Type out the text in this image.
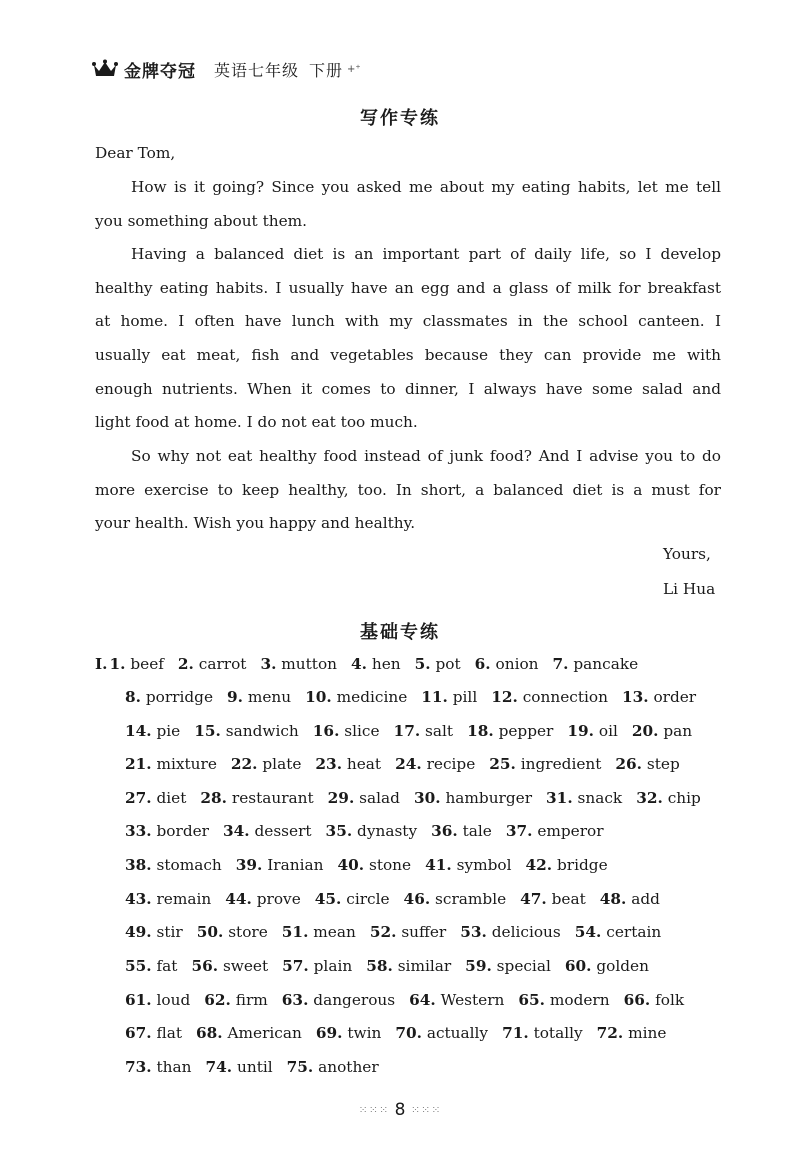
金牌夺冠 英语七年级 下册 +⁺
写作专练
Dear Tom,
How is it going? Since you asked me about my eating habits, let me tell
you something about them.
Having a balanced diet is an important part of daily life, so I develop
healthy eating habits. I usually have an egg and a glass of milk for breakfast
at home. I often have lunch with my classmates in the school canteen. I
usually eat meat, fish and vegetables because they can provide me with
enough nutrients. When it comes to dinner, I always have some salad and
light food at home. I do not eat too much.
So why not eat healthy food instead of junk food? And I advise you to do
more exercise to keep healthy, too. In short, a balanced diet is a must for
your health. Wish you happy and healthy.
Yours,
Li Hua
基础专练
Ⅰ. 1. beef 2. carrot 3. mutton 4. hen 5. pot 6. onion 7. pancake
8. porridge 9. menu 10. medicine 11. pill 12. connection 13. order
14. pie 15. sandwich 16. slice 17. salt 18. pepper 19. oil 20. pan
21. mixture 22. plate 23. heat 24. recipe 25. ingredient 26. step
27. diet 28. restaurant 29. salad 30. hamburger 31. snack 32. chip
33. border 34. dessert 35. dynasty 36. tale 37. emperor
38. stomach 39. Iranian 40. stone 41. symbol 42. bridge
43. remain 44. prove 45. circle 46. scramble 47. beat 48. add
49. stir 50. store 51. mean 52. suffer 53. delicious 54. certain
55. fat 56. sweet 57. plain 58. similar 59. special 60. golden
61. loud 62. firm 63. dangerous 64. Western 65. modern 66. folk
67. flat 68. American 69. twin 70. actually 71. totally 72. mine
73. than 74. until 75. another
⁙⁙⁙ 8 ⁙⁙⁙
